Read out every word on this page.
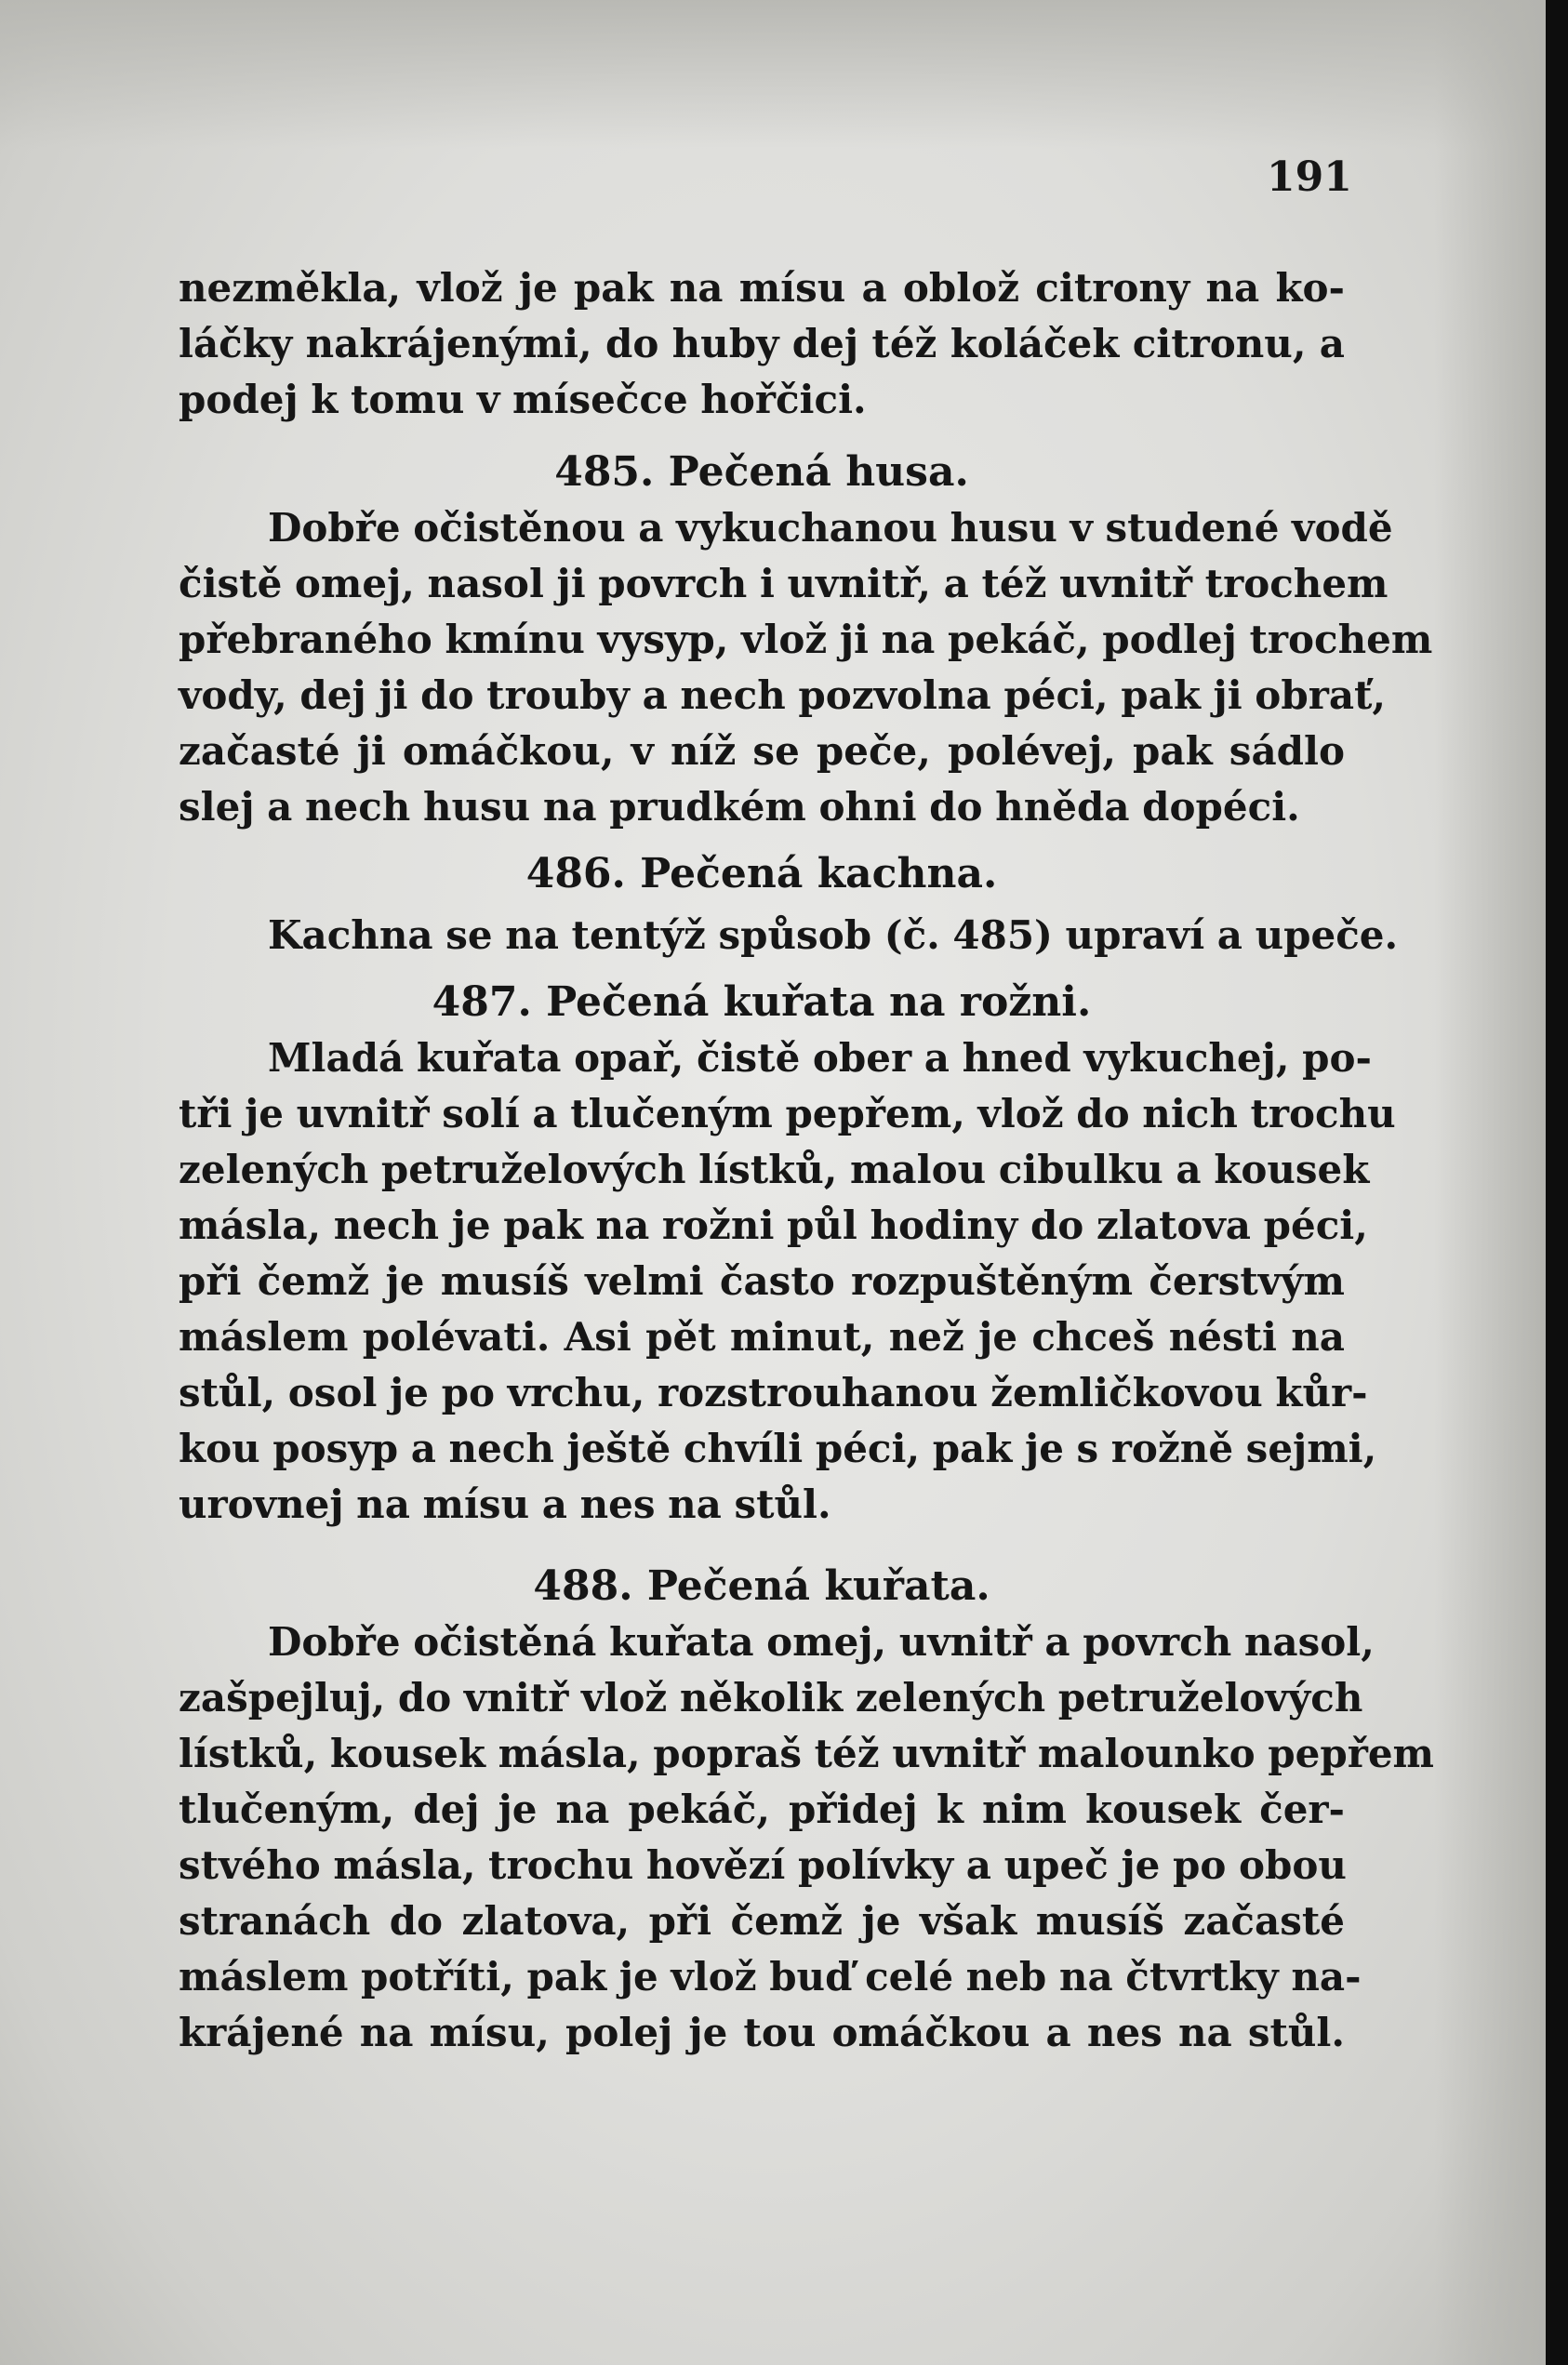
191
nezměkla, vlož je pak na mísu a oblož citrony na ko-
láčky nakrájenými, do huby dej též koláček citronu, a
podej k tomu v mísečce hořčici.
485. Pečená husa.
Dobře očistěnou a vykuchanou husu v studené vodě
čistě omej, nasol ji povrch i uvnitř, a též uvnitř trochem
přebraného kmínu vysyp, vlož ji na pekáč, podlej trochem
vody, dej ji do trouby a nech pozvolna péci, pak ji obrať,
začasté ji omáčkou, v níž se peče, polévej, pak sádlo
slej a nech husu na prudkém ohni do hněda dopéci.
486. Pečená kachna.
Kachna se na tentýž spůsob (č. 485) upraví a upeče.
487. Pečená kuřata na rožni.
Mladá kuřata opař, čistě ober a hned vykuchej, po-
tři je uvnitř solí a tlučeným pepřem, vlož do nich trochu
zelených petruželových lístků, malou cibulku a kousek
másla, nech je pak na rožni půl hodiny do zlatova péci,
při čemž je musíš velmi často rozpuštěným čerstvým
máslem polévati. Asi pět minut, než je chceš nésti na
stůl, osol je po vrchu, rozstrouhanou žemličkovou kůr-
kou posyp a nech ještě chvíli péci, pak je s rožně sejmi,
urovnej na mísu a nes na stůl.
488. Pečená kuřata.
Dobře očistěná kuřata omej, uvnitř a povrch nasol,
zašpejluj, do vnitř vlož několik zelených petruželových
lístků, kousek másla, popraš též uvnitř malounko pepřem
tlučeným, dej je na pekáč, přidej k nim kousek čer-
stvého másla, trochu hovězí polívky a upeč je po obou
stranách do zlatova, při čemž je však musíš začasté
máslem potříti, pak je vlož buď celé neb na čtvrtky na-
krájené na mísu, polej je tou omáčkou a nes na stůl.
